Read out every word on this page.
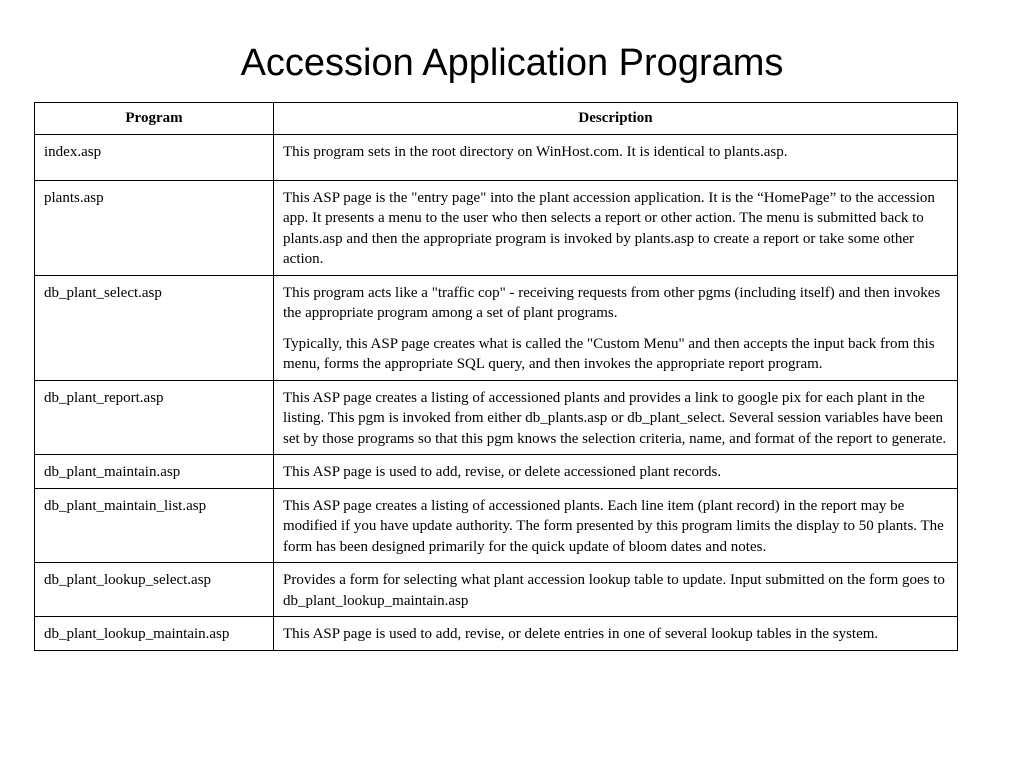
Accession Application Programs
Program	Description
index.asp	This program sets in the root directory on WinHost.com. It is identical to plants.asp.

plants.asp	This ASP page is the "entry page" into the plant accession application. It is the “HomePage” to the accession app. It presents a menu to the user who then selects a report or other action. The menu is submitted back to plants.asp and then the appropriate program is invoked by plants.asp to create a report or take some other action.

db_plant_select.asp	This program acts like a "traffic cop" - receiving requests from other pgms (including itself) and then invokes the appropriate program among a set of plant programs.

Typically, this ASP page creates what is called the "Custom Menu" and then accepts the input back from this menu, forms the appropriate SQL query, and then invokes the appropriate report program.

db_plant_report.asp	This ASP page creates a listing of accessioned plants and provides a link to google pix for each plant in the listing. This pgm is invoked from either db_plants.asp or db_plant_select. Several session variables have been set by those programs so that this pgm knows the selection criteria, name, and format of the report to generate.

db_plant_maintain.asp	This ASP page is used to add, revise, or delete accessioned plant records.

db_plant_maintain_list.asp	This ASP page creates a listing of accessioned plants. Each line item (plant record) in the report may be modified if you have update authority. The form presented by this program limits the display to 50 plants. The form has been designed primarily for the quick update of bloom dates and notes.

db_plant_lookup_select.asp	Provides a form for selecting what plant accession lookup table to update. Input submitted on the form goes to db_plant_lookup_maintain.asp

db_plant_lookup_maintain.asp	This ASP page is used to add, revise, or delete entries in one of several lookup tables in the system.
